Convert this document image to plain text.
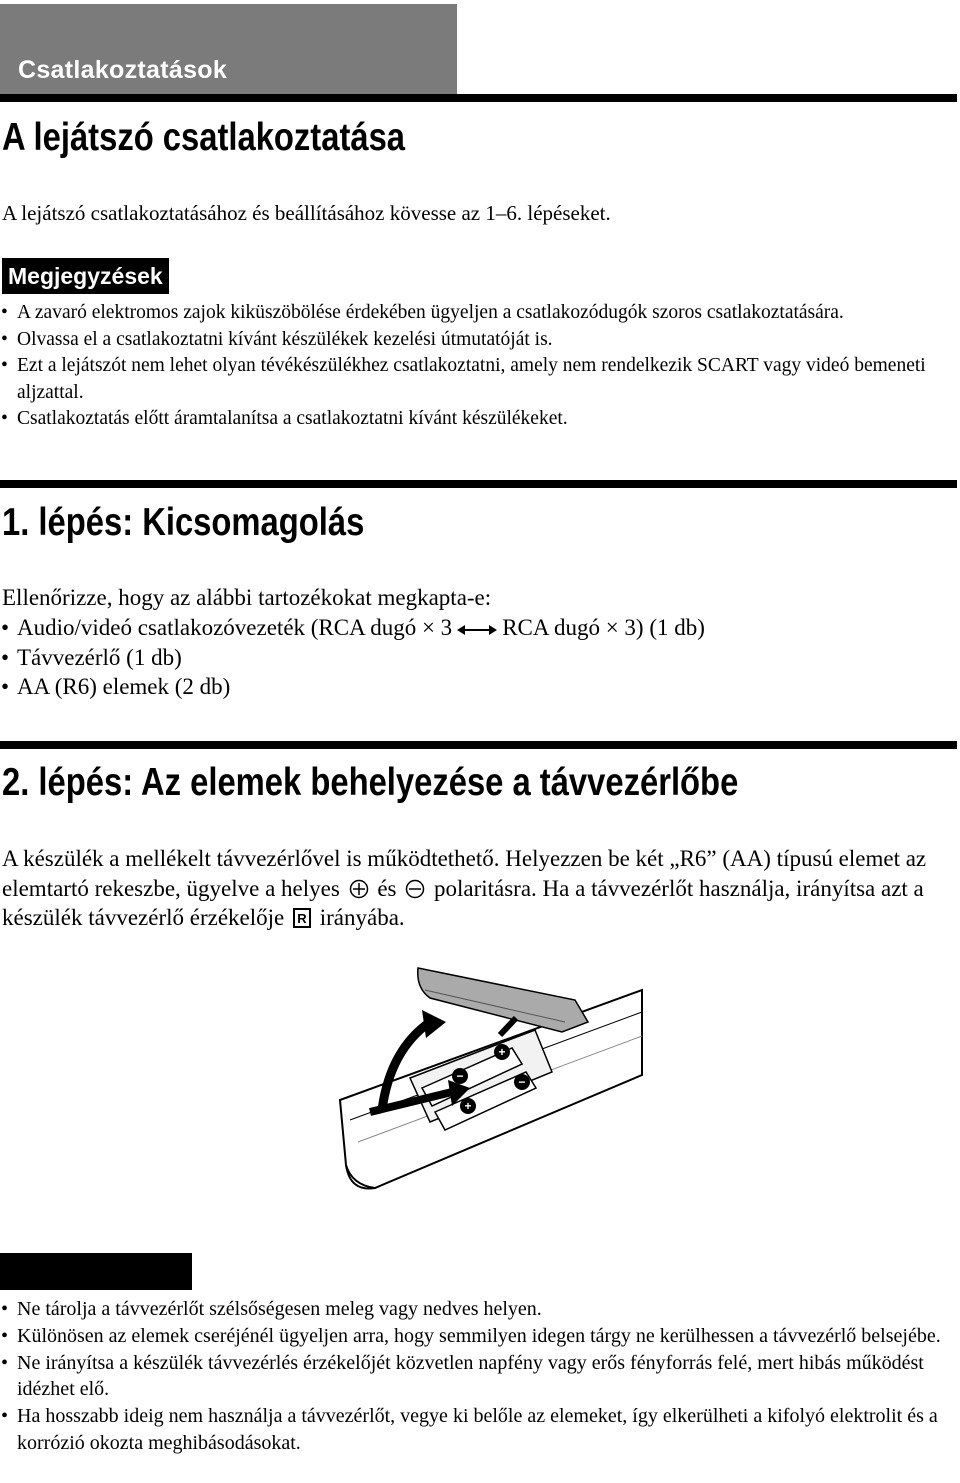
Csatlakoztatások
A lejátszó csatlakoztatása

A lejátszó csatlakoztatásához és beállításához kövesse az 1–6. lépéseket.

Megjegyzések
• A zavaró elektromos zajok kiküszöbölése érdekében ügyeljen a csatlakozódugók szoros csatlakoztatására.
• Olvassa el a csatlakoztatni kívánt készülékek kezelési útmutatóját is.
• Ezt a lejátszót nem lehet olyan tévékészülékhez csatlakoztatni, amely nem rendelkezik SCART vagy videó bemeneti aljzattal.
• Csatlakoztatás előtt áramtalanítsa a csatlakoztatni kívánt készülékeket.
1. lépés: Kicsomagolás

Ellenőrizze, hogy az alábbi tartozékokat megkapta-e:

• Audio/videó csatlakozóvezeték (RCA dugó × 3 RCA dugó × 3) (1 db)
• Távvezérlő (1 db)
• AA (R6) elemek (2 db)
2. lépés: Az elemek behelyezése a távvezérlőbe

A készülék a mellékelt távvezérlővel is működtethető. Helyezzen be két „R6” (AA) típusú elemet az elemtartó rekeszbe, ügyelve a helyes és polaritásra. Ha a távvezérlőt használja, irányítsa azt a készülék távvezérlő érzékelője R irányába.

+
−	−
+
• Ne tárolja a távvezérlőt szélsőségesen meleg vagy nedves helyen.
• Különösen az elemek cseréjénél ügyeljen arra, hogy semmilyen idegen tárgy ne kerülhessen a távvezérlő belsejébe.
• Ne irányítsa a készülék távvezérlés érzékelőjét közvetlen napfény vagy erős fényforrás felé, mert hibás működést idézhet elő.
• Ha hosszabb ideig nem használja a távvezérlőt, vegye ki belőle az elemeket, így elkerülheti a kifolyó elektrolit és a korrózió okozta meghibásodásokat.
